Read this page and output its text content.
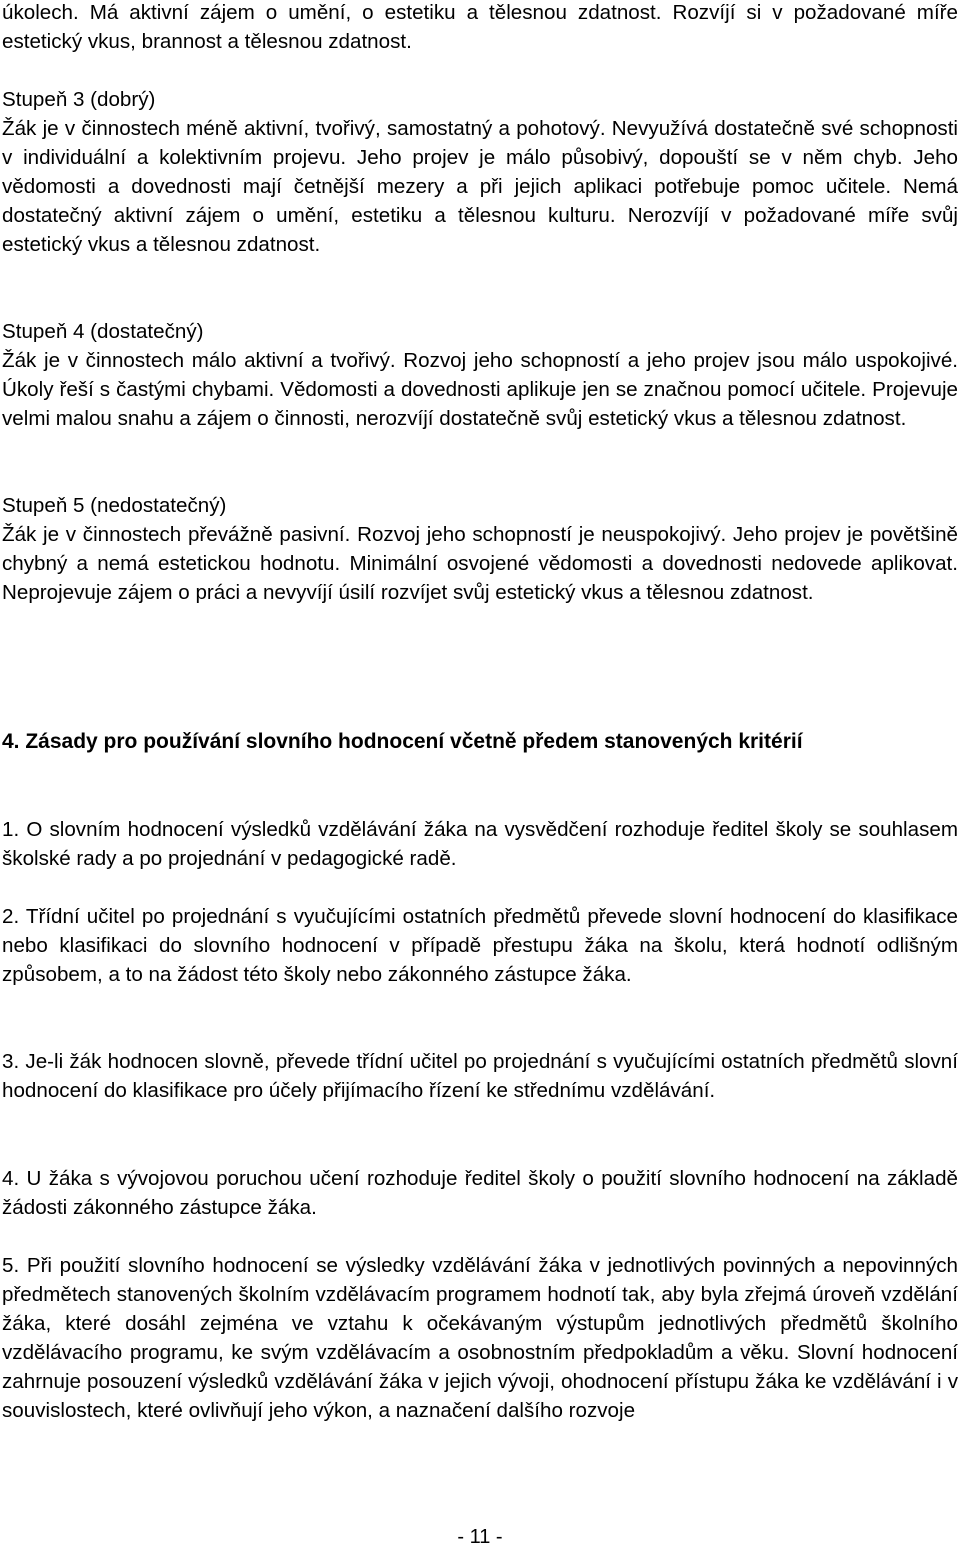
úkolech. Má aktivní zájem o umění, o estetiku a tělesnou zdatnost. Rozvíjí si v požadované míře estetický vkus, brannost a tělesnou zdatnost.

Stupeň 3 (dobrý)
Žák je v činnostech méně aktivní, tvořivý, samostatný a pohotový. Nevyužívá dostatečně své schopnosti v individuální a kolektivním projevu. Jeho projev je málo působivý, dopouští se v něm chyb. Jeho vědomosti a dovednosti mají četnější mezery a při jejich aplikaci potřebuje pomoc učitele. Nemá dostatečný aktivní zájem o umění, estetiku a tělesnou kulturu. Nerozvíjí v požadované míře svůj estetický vkus a tělesnou zdatnost.

Stupeň 4 (dostatečný)
Žák je v činnostech málo aktivní a tvořivý. Rozvoj jeho schopností a jeho projev jsou málo uspokojivé. Úkoly řeší s častými chybami. Vědomosti a dovednosti aplikuje jen se značnou pomocí učitele. Projevuje velmi malou snahu a zájem o činnosti, nerozvíjí dostatečně svůj estetický vkus a tělesnou zdatnost.

Stupeň 5 (nedostatečný)
Žák je v činnostech převážně pasivní. Rozvoj jeho schopností je neuspokojivý. Jeho projev je povětšině chybný a nemá estetickou hodnotu. Minimální osvojené vědomosti a dovednosti nedovede aplikovat. Neprojevuje zájem o práci a nevyvíjí úsilí rozvíjet svůj estetický vkus a tělesnou zdatnost.

4. Zásady pro používání slovního hodnocení včetně předem stanovených kritérií

1. O slovním hodnocení výsledků vzdělávání žáka na vysvědčení rozhoduje ředitel školy se souhlasem školské rady a po projednání v pedagogické radě.

2. Třídní učitel po projednání s vyučujícími ostatních předmětů převede slovní hodnocení do klasifikace nebo klasifikaci do slovního hodnocení v případě přestupu žáka na školu, která hodnotí odlišným způsobem, a to na žádost této školy nebo zákonného zástupce žáka.

3. Je-li žák hodnocen slovně, převede třídní učitel po projednání s vyučujícími ostatních předmětů slovní hodnocení do klasifikace pro účely přijímacího řízení ke střednímu vzdělávání.

4. U žáka s vývojovou poruchou učení rozhoduje ředitel školy o použití slovního hodnocení na základě žádosti zákonného zástupce žáka.

5. Při použití slovního hodnocení se výsledky vzdělávání žáka v jednotlivých povinných a nepovinných předmětech stanovených školním vzdělávacím programem hodnotí tak, aby byla zřejmá úroveň vzdělání žáka, které dosáhl zejména ve vztahu k očekávaným výstupům jednotlivých předmětů školního vzdělávacího programu, ke svým vzdělávacím a osobnostním předpokladům a věku. Slovní hodnocení zahrnuje posouzení výsledků vzdělávání žáka v jejich vývoji, ohodnocení přístupu žáka ke vzdělávání i v souvislostech, které ovlivňují jeho výkon, a naznačení dalšího rozvoje

- 11 -
